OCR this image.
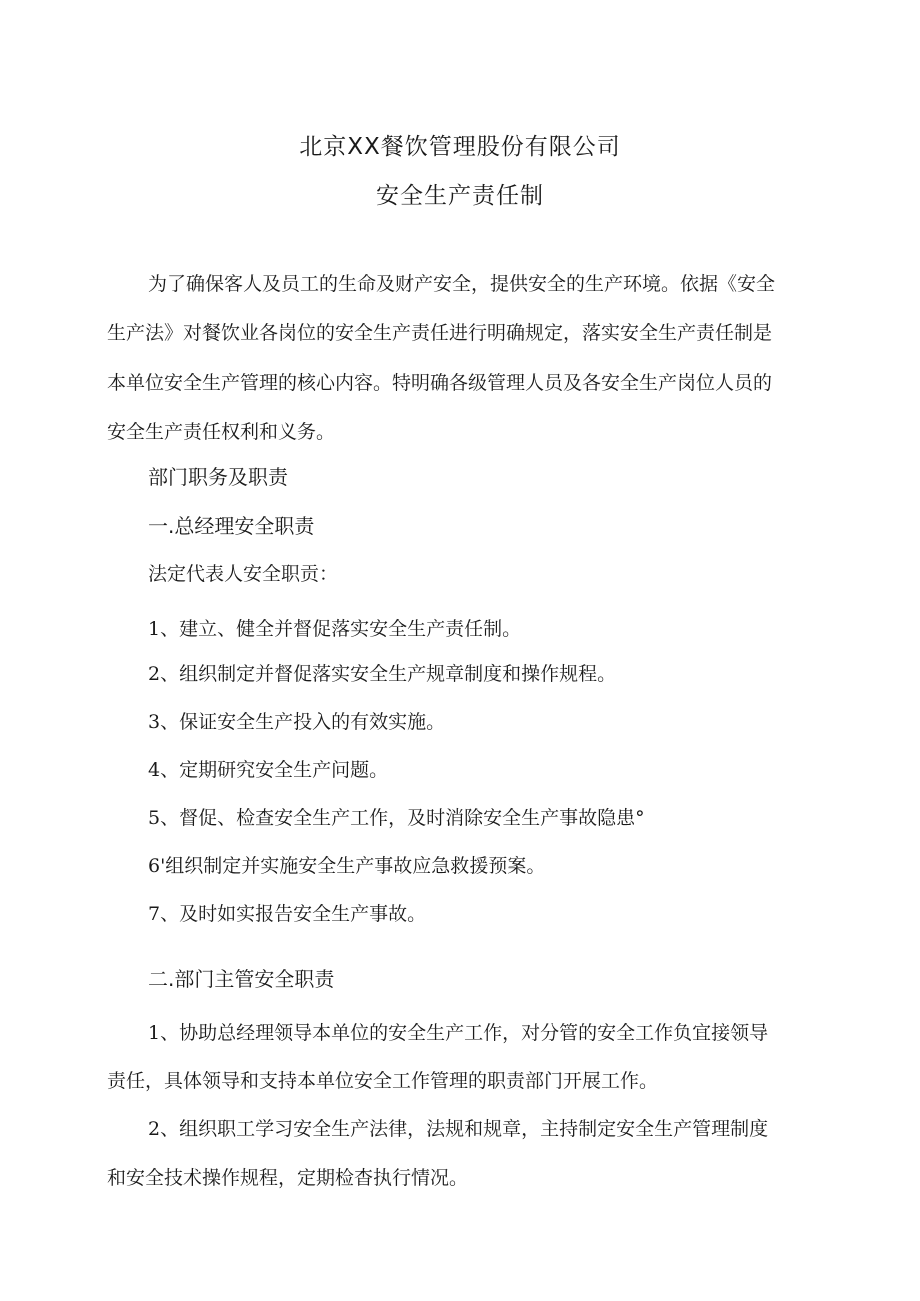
北京XX餐饮管理股份有限公司
安全生产责任制
为了确保客人及员工的生命及财产安全，提供安全的生产环境。依据《安全
生产法》对餐饮业各岗位的安全生产责任进行明确规定，落实安全生产责任制是
本单位安全生产管理的核心内容。特明确各级管理人员及各安全生产岗位人员的
安全生产责任权利和义务。
部门职务及职责
一.总经理安全职责
法定代表人安全职贡：
1、建立、健全并督促落实安全生产责任制。
2、组织制定并督促落实安全生产规章制度和操作规程。
3、保证安全生产投入的有效实施。
4、定期研究安全生产问题。
5、督促、检查安全生产工作，及时消除安全生产事故隐患°
6'组织制定并实施安全生产事故应急救援预案。
7、及时如实报告安全生产事故。
二.部门主管安全职责
1、协助总经理领导本单位的安全生产工作，对分管的安全工作负宜接领导
责任，具体领导和支持本单位安全工作管理的职责部门开展工作。
2、组织职工学习安全生产法律，法规和规章，主持制定安全生产管理制度
和安全技术操作规程，定期检杳执行情况。
